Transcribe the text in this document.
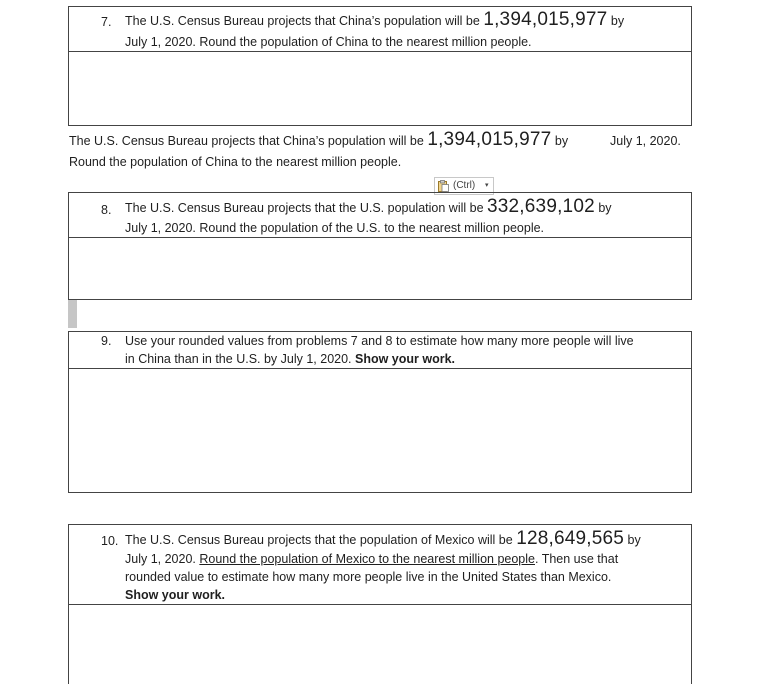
7. The U.S. Census Bureau projects that China’s population will be 1,394,015,977 by
July 1, 2020. Round the population of China to the nearest million people.
The U.S. Census Bureau projects that China’s population will be 1,394,015,977 by	July 1, 2020.
Round the population of China to the nearest million people.
(Ctrl) ▾
8. The U.S. Census Bureau projects that the U.S. population will be 332,639,102 by
July 1, 2020. Round the population of the U.S. to the nearest million people.
9. Use your rounded values from problems 7 and 8 to estimate how many more people will live
in China than in the U.S. by July 1, 2020. Show your work.
10. The U.S. Census Bureau projects that the population of Mexico will be 128,649,565 by
July 1, 2020. Round the population of Mexico to the nearest million people. Then use that
rounded value to estimate how many more people live in the United States than Mexico.
Show your work.
